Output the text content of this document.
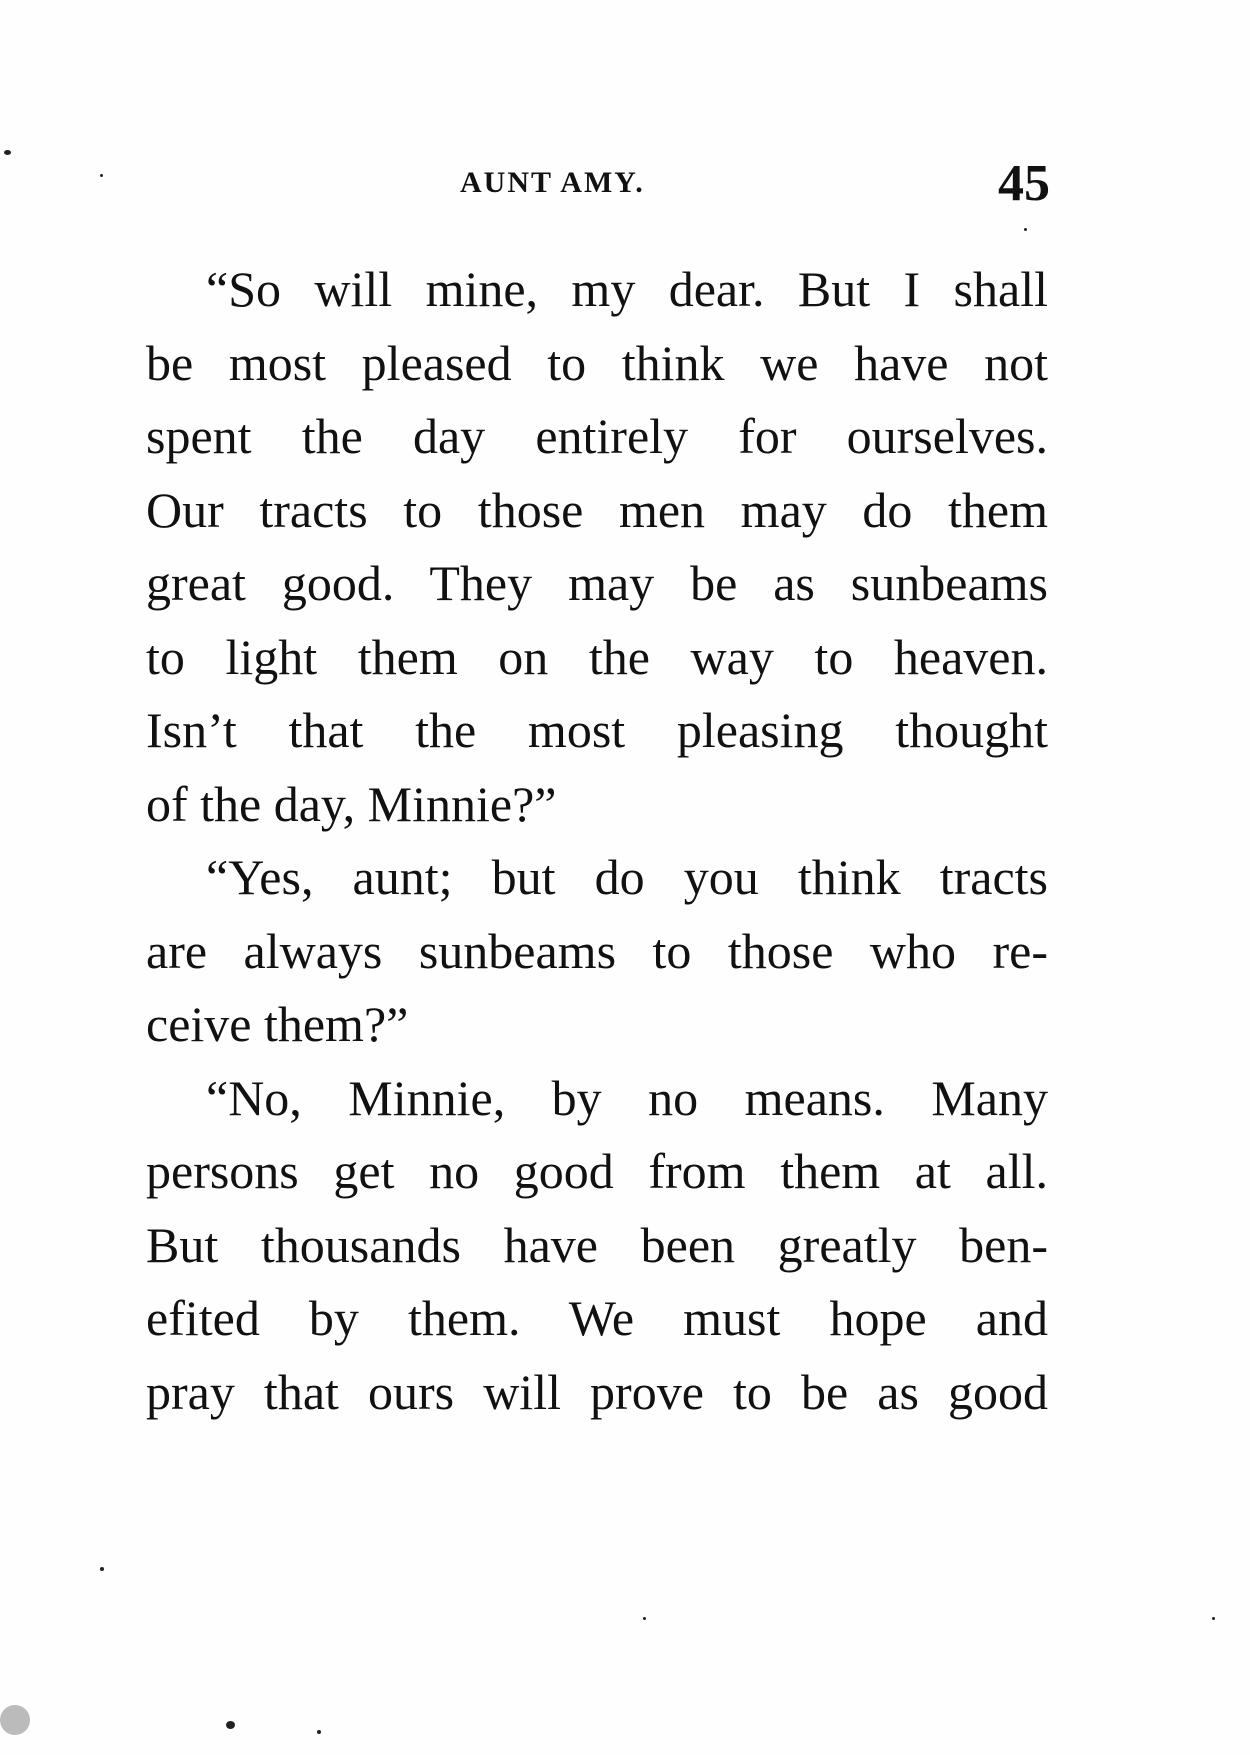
AUNT AMY.	45
“So will mine, my dear. But I shall
be most pleased to think we have not
spent the day entirely for ourselves.
Our tracts to those men may do them
great good. They may be as sunbeams
to light them on the way to heaven.
Isn’t that the most pleasing thought
of the day, Minnie?”
“Yes, aunt; but do you think tracts
are always sunbeams to those who re-
ceive them?”
“No, Minnie, by no means. Many
persons get no good from them at all.
But thousands have been greatly ben-
efited by them. We must hope and
pray that ours will prove to be as good
